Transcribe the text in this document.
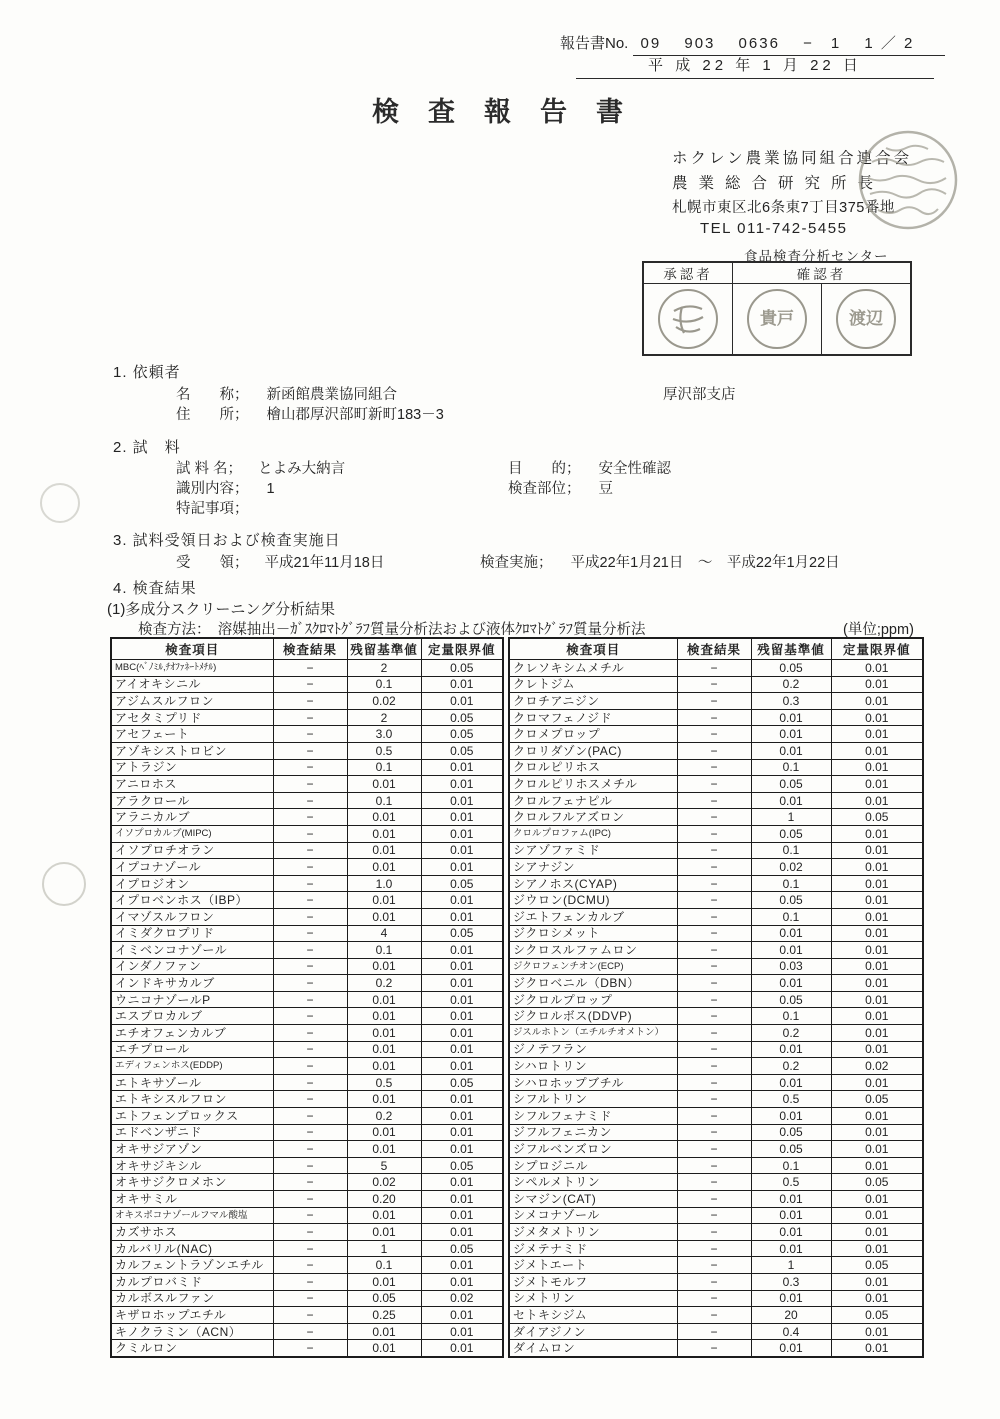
報告書No. 09　 903　 0636　 −　1　 1 ／ 2
平 成 22 年 1 月 22 日
検査報告書
ホクレン農業協同組合連合会
農業総合研究所長
札幌市東区北6条東7丁目375番地
TEL 011-742-5455
食品検査分析センター
承認者	確認者	

貴戸	渡辺
1. 依頼者
名　　称； 新函館農業協同組合	厚沢部支店
住　　所； 檜山郡厚沢部町新町183－3
2. 試　料
試 料 名； とよみ大納言	目　　的； 安全性確認
識別内容； 1	検査部位； 豆
特記事項；
3. 試料受領日および検査実施日
受　　領； 平成21年11月18日	検査実施； 平成22年1月21日　～　平成22年1月22日
4. 検査結果
(1)多成分スクリーニング分析結果
検査方法：　溶媒抽出－ｶﾞｽｸﾛﾏﾄｸﾞﾗﾌ質量分析法および液体ｸﾛﾏﾄｸﾞﾗﾌ質量分析法	(単位;ppm)
検査項目	検査結果	残留基準値	定量限界値
MBC(ﾍﾞﾉﾐﾙ,ﾁｵﾌｧﾈｰﾄﾒﾁﾙ)	−	2	0.05
アイオキシニル	−	0.1	0.01
アジムスルフロン	−	0.02	0.01
アセタミプリド	−	2	0.05
アセフェート	−	3.0	0.05
アゾキシストロビン	−	0.5	0.05
アトラジン	−	0.1	0.01
アニロホス	−	0.01	0.01
アラクロール	−	0.1	0.01
アラニカルブ	−	0.01	0.01
イソプロカルブ(MIPC)	−	0.01	0.01
イソプロチオラン	−	0.01	0.01
イプコナゾール	−	0.01	0.01
イプロジオン	−	1.0	0.05
イプロベンホス（IBP）	−	0.01	0.01
イマゾスルフロン	−	0.01	0.01
イミダクロプリド	−	4	0.05
イミベンコナゾール	−	0.1	0.01
インダノファン	−	0.01	0.01
インドキサカルブ	−	0.2	0.01
ウニコナゾールP	−	0.01	0.01
エスプロカルブ	−	0.01	0.01
エチオフェンカルブ	−	0.01	0.01
エチプロール	−	0.01	0.01
エディフェンホス(EDDP)	−	0.01	0.01
エトキサゾール	−	0.5	0.05
エトキシスルフロン	−	0.01	0.01
エトフェンプロックス	−	0.2	0.01
エドベンザニド	−	0.01	0.01
オキサジアゾン	−	0.01	0.01
オキサジキシル	−	5	0.05
オキサジクロメホン	−	0.02	0.01
オキサミル	−	0.20	0.01
オキスポコナゾールフマル酸塩	−	0.01	0.01
カズサホス	−	0.01	0.01
カルバリル(NAC)	−	1	0.05
カルフェントラゾンエチル	−	0.1	0.01
カルプロバミド	−	0.01	0.01
カルボスルファン	−	0.05	0.02
キザロホップエチル	−	0.25	0.01
キノクラミン（ACN）	−	0.01	0.01
クミルロン	−	0.01	0.01
検査項目	検査結果	残留基準値	定量限界値
クレソキシムメチル	−	0.05	0.01
クレトジム	−	0.2	0.01
クロチアニジン	−	0.3	0.01
クロマフェノジド	−	0.01	0.01
クロメプロップ	−	0.01	0.01
クロリダゾン(PAC)	−	0.01	0.01
クロルピリホス	−	0.1	0.01
クロルピリホスメチル	−	0.05	0.01
クロルフェナピル	−	0.01	0.01
クロルフルアズロン	−	1	0.05
クロルプロファム(IPC)	−	0.05	0.01
シアゾファミド	−	0.1	0.01
シアナジン	−	0.02	0.01
シアノホス(CYAP)	−	0.1	0.01
ジウロン(DCMU)	−	0.05	0.01
ジエトフェンカルブ	−	0.1	0.01
ジクロシメット	−	0.01	0.01
シクロスルファムロン	−	0.01	0.01
ジクロフェンチオン(ECP)	−	0.03	0.01
ジクロベニル（DBN）	−	0.01	0.01
ジクロルプロップ	−	0.05	0.01
ジクロルボス(DDVP)	−	0.1	0.01
ジスルホトン（エチルチオメトン）	−	0.2	0.01
ジノテフラン	−	0.01	0.01
シハロトリン	−	0.2	0.02
シハロホップブチル	−	0.01	0.01
シフルトリン	−	0.5	0.05
シフルフェナミド	−	0.01	0.01
ジフルフェニカン	−	0.05	0.01
ジフルベンズロン	−	0.05	0.01
シプロジニル	−	0.1	0.01
シペルメトリン	−	0.5	0.05
シマジン(CAT)	−	0.01	0.01
シメコナゾール	−	0.01	0.01
ジメタメトリン	−	0.01	0.01
ジメテナミド	−	0.01	0.01
ジメトエート	−	1	0.05
ジメトモルフ	−	0.3	0.01
シメトリン	−	0.01	0.01
セトキシジム	−	20	0.05
ダイアジノン	−	0.4	0.01
ダイムロン	−	0.01	0.01
